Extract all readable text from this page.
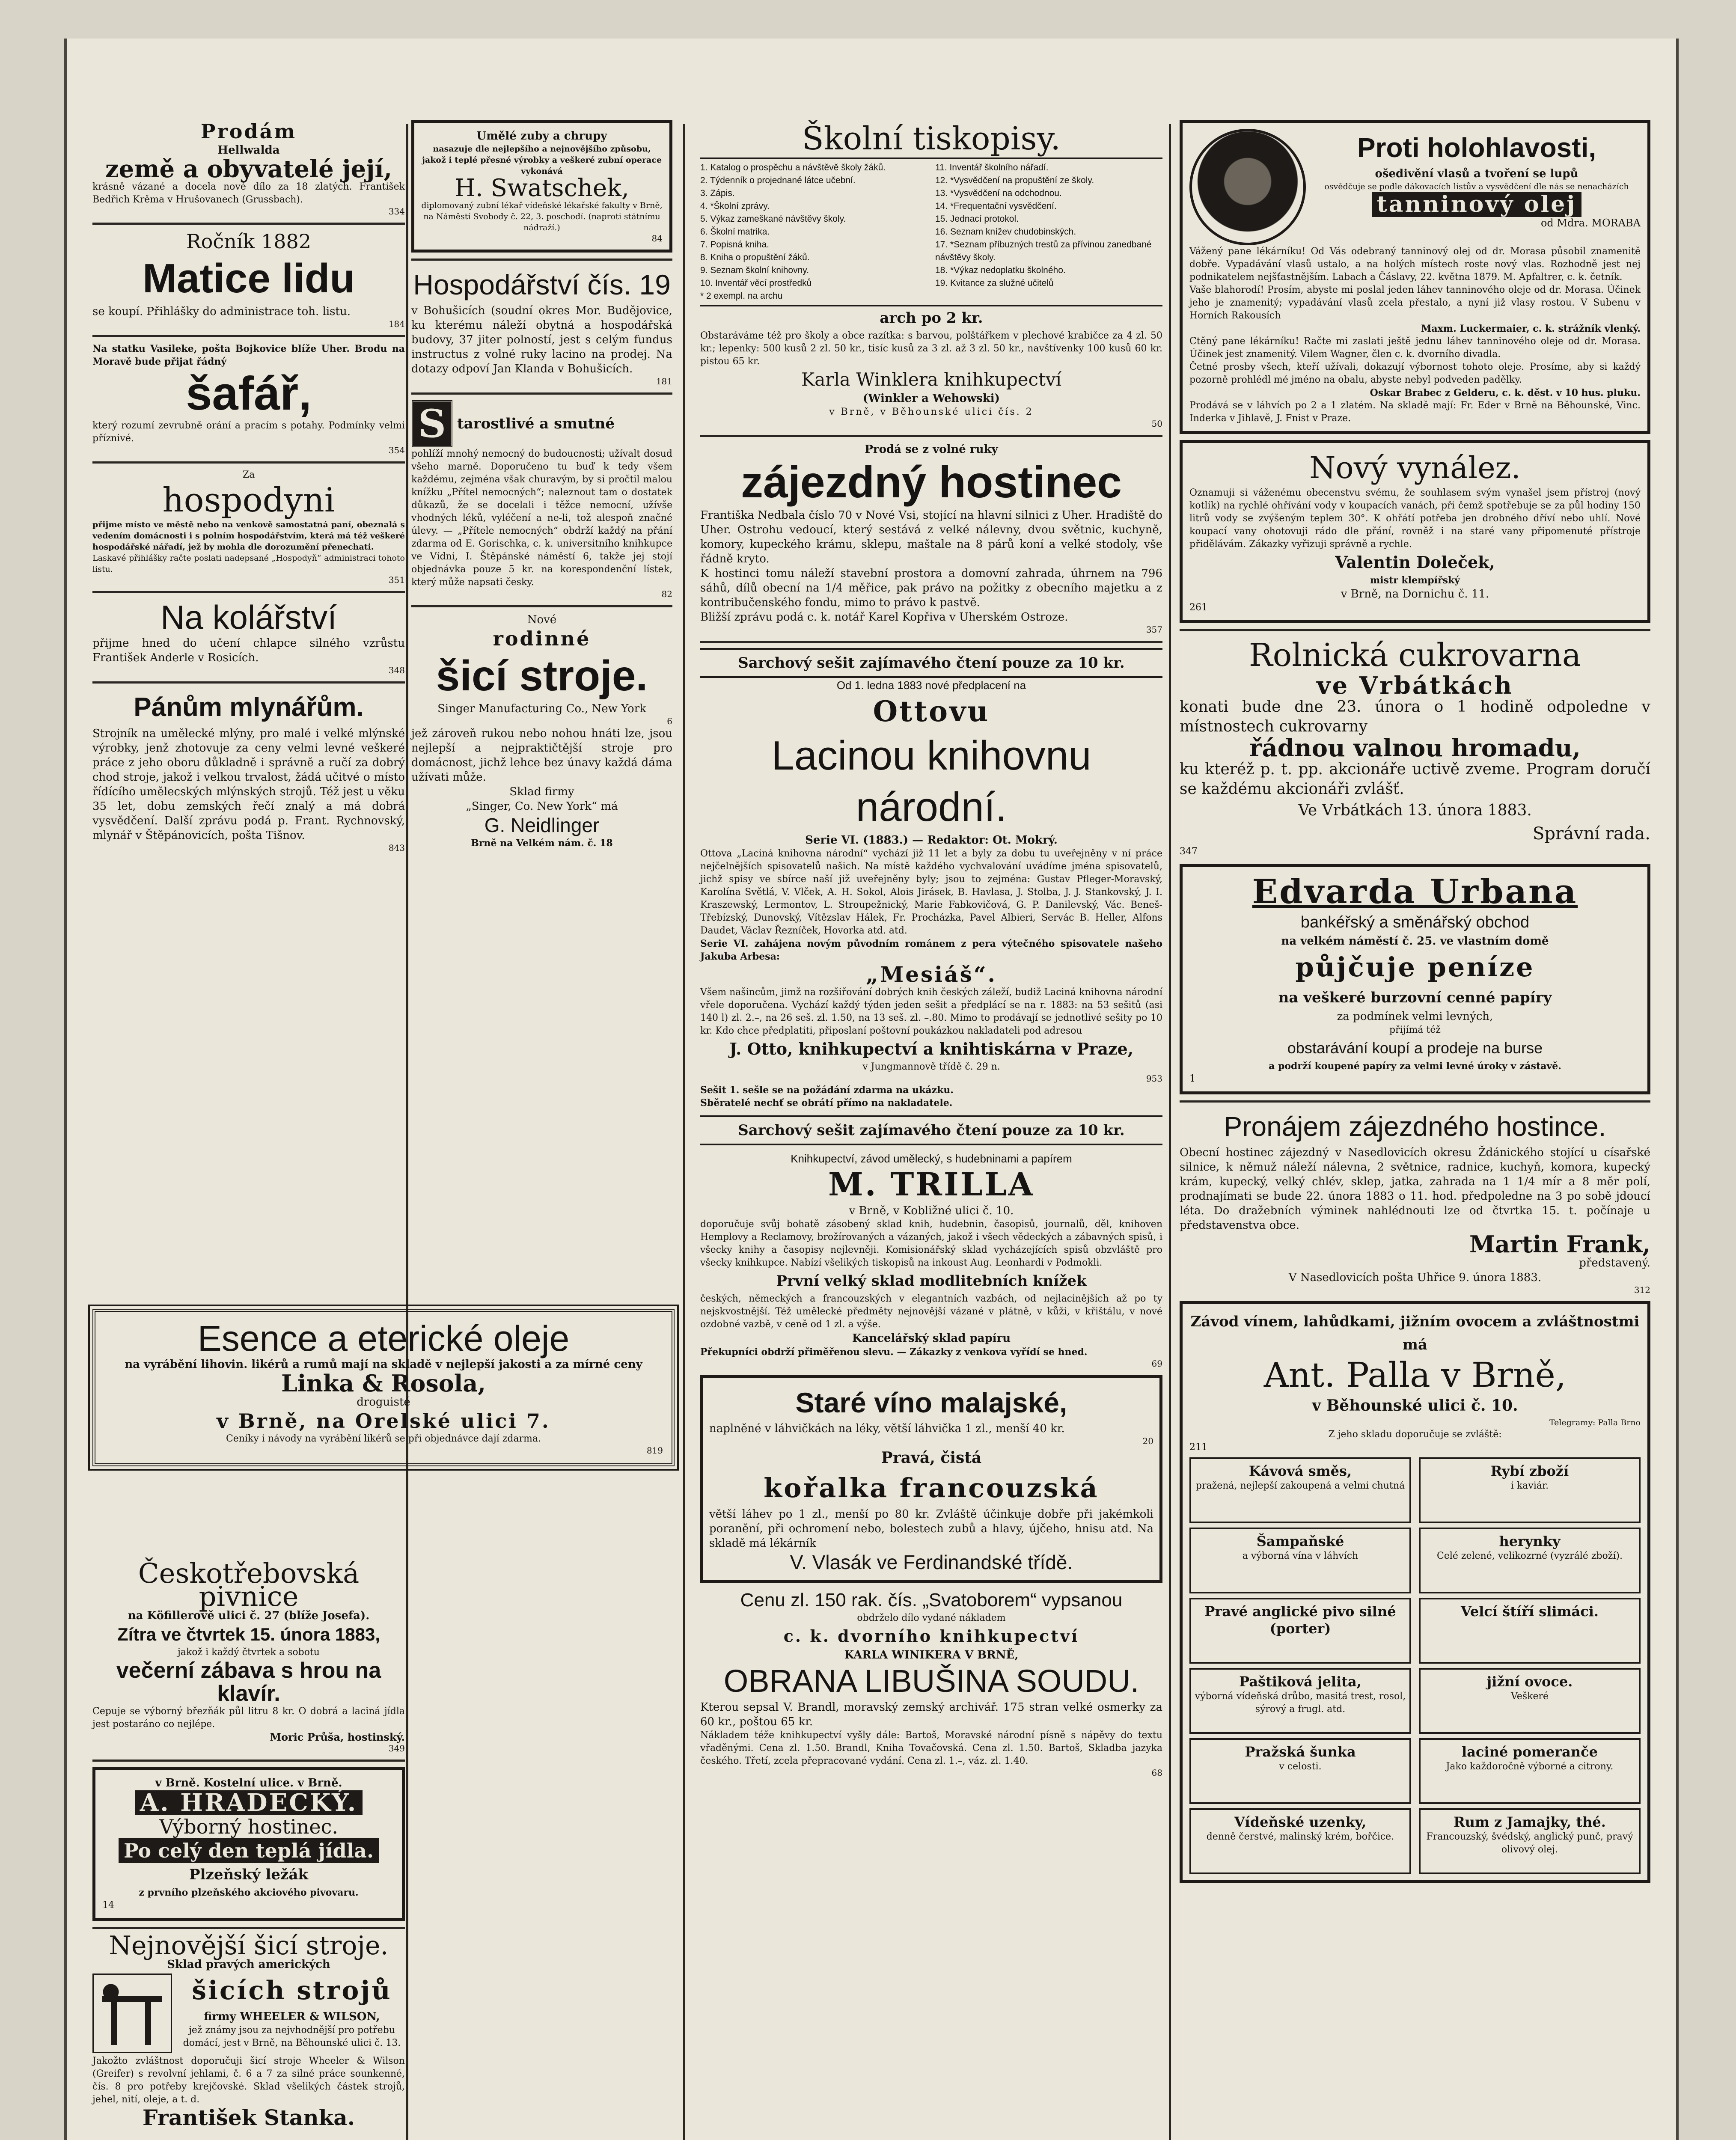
Prodám
Hellwalda
země a obyvatelé její,
krásně vázané a docela nové dílo za 18 zlatých. František Bedřich Krěma v Hrušovanech (Grussbach).
334
Ročník 1882
Matice lidu
se koupí. Přihlášky do administrace toh. listu.
184
Na statku Vasileke, pošta Bojkovice blíže Uher. Brodu na Moravě bude přijat řádný
šafář,
který rozumí zevrubně orání a pracím s potahy. Podmínky velmi příznivé.
354
Za
hospodyni
přijme místo ve městě nebo na venkově samostatná paní, obeznalá s vedením domácnosti i s polním hospodářstvím, která má též veškeré hospodářské nářadí, jež by mohla dle dorozumění přenechati.
Laskavé přihlášky račte poslati nadepsané „Hospodyň“ administraci tohoto listu.
351
Na kolářství
přijme hned do učení chlapce silného vzrůstu František Anderle v Rosicích.
348
Pánům mlynářům.
Strojník na umělecké mlýny, pro malé i velké mlýnské výrobky, jenž zhotovuje za ceny velmi levné veškeré práce z jeho oboru důkladně i správně a ručí za dobrý chod stroje, jakož i velkou trvalost, žádá učitvé o místo řídícího umělecských mlýnských strojů. Též jest u věku 35 let, dobu zemských řečí znalý a má dobrá vysvědčení. Další zprávu podá p. Frant. Rychnovský, mlynář v Štěpánovicích, pošta Tišnov.
843
Esence a eterické oleje
na vyrábění lihovin. likérů a rumů mají na skladě v nejlepší jakosti a za mírné ceny
Linka & Rosola,
droguisté
v Brně, na Orelské ulici 7.
Ceníky i návody na vyrábění likérů se při objednávce dají zdarma.
819
Českotřebovská pivnice
na Köfillerově ulici č. 27 (blíže Josefa).
Zítra ve čtvrtek 15. února 1883,
jakož i každý čtvrtek a sobotu
večerní zábava s hrou na klavír.
Cepuje se výborný březňák půl litru 8 kr. O dobrá a laciná jídla jest postaráno co nejlépe.
Moric Průša, hostinský.
349
v Brně. Kostelní ulice. v Brně.
A. HRADECKÝ.
Výborný hostinec.
Po celý den teplá jídla.
Plzeňský ležák
z prvního plzeňského akciového pivovaru.
14
Nejnovější šicí stroje.
Sklad pravých amerických
šicích strojů
firmy WHEELER & WILSON,
jež známy jsou za nejvhodnější pro potřebu domácí, jest v Brně, na Běhounské ulici č. 13.
Jakožto zvláštnost doporučuji šicí stroje Wheeler & Wilson (Greifer) s revolvní jehlami, č. 6 a 7 za silné práce sounkenné, čís. 8 pro potřeby krejčovské. Sklad všelikých částek strojů, jehel, nití, oleje, a t. d.
František Stanka.
Umělé zuby a chrupy
nasazuje dle nejlepšího a nejnovějšího způsobu, jakož i teplé přesné výrobky a veškeré zubní operace vykonává
H. Swatschek,
diplomovaný zubní lékař vídeňské lékařské fakulty v Brně, na Náměstí Svobody č. 22, 3. poschodí. (naproti státnímu nádraží.)
84
Hospodářství čís. 19
v Bohušicích (soudní okres Mor. Budějovice, ku kterému náleží obytná a hospodářská budovy, 37 jiter polností, jest s celým fundus instructus z volné ruky lacino na prodej. Na dotazy odpoví Jan Klanda v Bohušicích.
181
S tarostlivé a smutné
pohlíží mnohý nemocný do budoucnosti; užívalt dosud všeho marně. Doporučeno tu buď k tedy všem každému, zejména však churavým, by si pročtil malou knížku „Přítel nemocných“; naleznout tam o dostatek důkazů, že se docelali i těžce nemocní, užívše vhodných léků, vyléčení a ne-li, tož alespoň značné úlevy. — „Přítele nemocných“ obdrží každý na přání zdarma od E. Gorischka, c. k. universitního knihkupce ve Vídni, I. Štěpánské náměstí 6, takže jej stojí objednávka pouze 5 kr. na korespondenční lístek, který může napsati česky.
82
Nové
rodinné
šicí stroje.
Singer Manufacturing Co., New York
6
jež zároveň rukou nebo nohou hnáti lze, jsou nejlepší a nejpraktičtější stroje pro domácnost, jichž lehce bez únavy každá dáma užívati může.
Sklad firmy
„Singer, Co. New York“ má
G. Neidlinger
Brně na Velkém nám. č. 18
Školní tiskopisy.
1. Katalog o prospěchu a návštěvě školy žáků.
2. Týdenník o projednané látce učební.
3. Zápis.
4. *Školní zprávy.
5. Výkaz zameškané návštěvy školy.
6. Školní matrika.
7. Popisná kniha.
8. Kniha o propuštění žáků.
9. Seznam školní knihovny.
10. Inventář věcí prostředků
* 2 exempl. na archu
11. Inventář školního nářadí.
12. *Vysvědčení na propuštění ze školy.
13. *Vysvědčení na odchodnou.
14. *Frequentační vysvědčení.
15. Jednací protokol.
16. Seznam knížev chudobinských.
17. *Seznam příbuzných trestů za přívinou zanedbané návštěvy školy.
18. *Výkaz nedoplatku školného.
19. Kvitance za služné učitelů
arch po 2 kr.
Obstaráváme též pro školy a obce razítka: s barvou, polštářkem v plechové krabičce za 4 zl. 50 kr.; lepenky: 500 kusů 2 zl. 50 kr., tisíc kusů za 3 zl. až 3 zl. 50 kr., navštívenky 100 kusů 60 kr. pistou 65 kr.
Karla Winklera knihkupectví
(Winkler a Wehowski)
v Brně, v Běhounské ulici čís. 2
50
Prodá se z volné ruky
zájezdný hostinec
Františka Nedbala číslo 70 v Nové Vsi, stojící na hlavní silnici z Uher. Hradiště do Uher. Ostrohu vedoucí, který sestává z velké nálevny, dvou světnic, kuchyně, komory, kupeckého krámu, sklepu, maštale na 8 párů koní a velké stodoly, vše řádně kryto.
K hostinci tomu náleží stavební prostora a domovní zahrada, úhrnem na 796 sáhů, dílů obecní na 1/4 měřice, pak právo na požitky z obecního majetku a z kontribučenského fondu, mimo to právo k pastvě.
Bližší zprávu podá c. k. notář Karel Kopřiva v Uherském Ostroze.
357
Sarchový sešit zajímavého čtení pouze za 10 kr.
Od 1. ledna 1883 nové předplacení na
Ottovu
Lacinou knihovnu národní.
Serie VI. (1883.) — Redaktor: Ot. Mokrý.
Ottova „Laciná knihovna národní“ vychází již 11 let a byly za dobu tu uveřejněny v ní práce nejčelnějších spisovatelů našich. Na místě každého vychvalování uvádíme jména spisovatelů, jichž spisy ve sbírce naší již uveřejněny byly; jsou to zejména: Gustav Pfleger-Moravský, Karolína Světlá, V. Vlček, A. H. Sokol, Alois Jirásek, B. Havlasa, J. Stolba, J. J. Stankovský, J. I. Kraszewský, Lermontov, L. Stroupežnický, Marie Fabkovičová, G. P. Danilevský, Vác. Beneš-Třebízský, Dunovský, Vítězslav Hálek, Fr. Procházka, Pavel Albieri, Servác B. Heller, Alfons Daudet, Václav Řezníček, Hovorka atd. atd.
Serie VI. zahájena novým původním románem z pera výtečného spisovatele našeho Jakuba Arbesa:
„Mesiáš“.
Všem našincům, jimž na rozšiřování dobrých knih českých záleží, budiž Laciná knihovna národní vřele doporučena. Vychází každý týden jeden sešit a předplácí se na r. 1883: na 53 sešitů (asi 140 l) zl. 2.–, na 26 seš. zl. 1.50, na 13 seš. zl. –.80. Mimo to prodávají se jednotlivé sešity po 10 kr. Kdo chce předplatiti, připoslaní poštovní poukázkou nakladateli pod adresou
J. Otto, knihkupectví a knihtiskárna v Praze,
v Jungmannově třídě č. 29 n.
953
Sešit 1. sešle se na požádání zdarma na ukázku.
Sběratelé nechť se obrátí přímo na nakladatele.
Sarchový sešit zajímavého čtení pouze za 10 kr.
Knihkupectví, závod umělecký, s hudebninami a papírem
M. TRILLA
v Brně, v Kobližné ulici č. 10.
doporučuje svůj bohatě zásobený sklad knih, hudebnin, časopisů, journalů, děl, knihoven Hemplovy a Reclamovy, brožírovaných a vázaných, jakož i všech vědeckých a zábavných spisů, i všecky knihy a časopisy nejlevněji. Komisionářský sklad vycházejících spisů obzvláště pro všecky knihkupce. Nabízí všelikých tiskopisů na inkoust Aug. Leonhardi v Podmokli.
První velký sklad modlitebních knížek
českých, německých a francouzských v elegantních vazbách, od nejlacinějších až po ty nejskvostnější. Též umělecké předměty nejnovější vázané v plátně, v kůži, v křištálu, v nové ozdobné vazbě, v ceně od 1 zl. a výše.
Kancelářský sklad papíru
Překupníci obdrží přiměřenou slevu. — Zákazky z venkova vyřídí se hned.
69
Staré víno malajské,
naplněné v láhvičkách na léky, větší láhvička 1 zl., menší 40 kr.
20
Pravá, čistá
kořalka francouzská
větší láhev po 1 zl., menší po 80 kr. Zvláště účinkuje dobře při jakémkoli poranění, při ochromení nebo, bolestech zubů a hlavy, újčeho, hnisu atd. Na skladě má lékárník
V. Vlasák ve Ferdinandské třídě.
Cenu zl. 150 rak. čís. „Svatoborem“ vypsanou
obdrželo dílo vydané nákladem
c. k. dvorního knihkupectví
KARLA WINIKERA V BRNĚ,
OBRANA LIBUŠINA SOUDU.
Kterou sepsal V. Brandl, moravský zemský archivář. 175 stran velké osmerky za 60 kr., poštou 65 kr.
Nákladem téže knihkupectví vyšly dále: Bartoš, Moravské národní písně s nápěvy do textu vřaděnými. Cena zl. 1.50. Brandl, Kniha Tovačovská. Cena zl. 1.50. Bartoš, Skladba jazyka českého. Třetí, zcela přepracované vydání. Cena zl. 1.–, váz. zl. 1.40.
68
Proti holohlavosti,
ošedivění vlasů a tvoření se lupů
osvědčuje se podle dákovacích listův a vysvědčení dle nás se nenacházích
tanninový olej
od Mdra. MORABA
Vážený pane lékárníku! Od Vás odebraný tanninový olej od dr. Morasa působil znamenitě dobře. Vypadávání vlasů ustalo, a na holých místech roste nový vlas. Rozhodně jest nej podnikatelem nejšťastnějším. Labach a Čáslavy, 22. května 1879. M. Apfaltrer, c. k. četník.
Vaše blahorodí! Prosím, abyste mi poslal jeden láhev tanninového oleje od dr. Morasa. Účinek jeho je znamenitý; vypadávání vlasů zcela přestalo, a nyní již vlasy rostou. V Subenu v Horních Rakousích
Maxm. Luckermaier, c. k. strážník vlenký.
Ctěný pane lékárníku! Račte mi zaslati ještě jednu láhev tanninového oleje od dr. Morasa. Účinek jest znamenitý. Vilem Wagner, člen c. k. dvorního divadla.
Četné prosby všech, kteří užívali, dokazují výbornost tohoto oleje. Prosíme, aby si každý pozorně prohlédl mé jméno na obalu, abyste nebyl podveden padělky.
Oskar Brabec z Gelderu, c. k. děst. v 10 hus. pluku.
Prodává se v láhvích po 2 a 1 zlatém. Na skladě mají: Fr. Eder v Brně na Běhounské, Vinc. Inderka v Jihlavě, J. Fnist v Praze.
Nový vynález.
Oznamuji si váženému obecenstvu svému, že souhlasem svým vynašel jsem přístroj (nový kotlík) na rychlé ohřívání vody v koupacích vanách, při čemž spotřebuje se za půl hodiny 150 litrů vody se zvýšeným teplem 30°. K ohřátí potřeba jen drobného dříví nebo uhlí. Nové koupací vany ohotovuji rádo dle přání, rovněž i na staré vany připomenuté přístroje přidělávám. Zákazky vyřizuji správně a rychle.
Valentin Doleček,
mistr klempířský
v Brně, na Dornichu č. 11.
261
Rolnická cukrovarna
ve Vrbátkách
konati bude dne 23. února o 1 hodině odpoledne v místnostech cukrovarny
řádnou valnou hromadu,
ku kteréž p. t. pp. akcionáře uctivě zveme. Program doručí se každému akcionáři zvlášť.
Ve Vrbátkách 13. února 1883.
Správní rada.
347
Edvarda Urbana
bankéřský a směnářský obchod
na velkém náměstí č. 25. ve vlastním domě
půjčuje peníze
na veškeré burzovní cenné papíry
za podmínek velmi levných,
přijímá též
obstarávání koupí a prodeje na burse
a podrží koupené papíry za velmi levné úroky v zástavě.
1
Pronájem zájezdného hostince.
Obecní hostinec zájezdný v Nasedlovicích okresu Ždánického stojící u císařské silnice, k němuž náleží nálevna, 2 světnice, radnice, kuchyň, komora, kupecký krám, kupecký, velký chlév, sklep, jatka, zahrada na 1 1/4 mír a 8 měr polí, prodnajímati se bude 22. února 1883 o 11. hod. předpoledne na 3 po sobě jdoucí léta. Do dražebních výminek nahlédnouti lze od čtvrtka 15. t. počínaje u představenstva obce.
Martin Frank,
představený.
V Nasedlovicích pošta Uhřice 9. února 1883.
312
Závod vínem, lahůdkami, jižním ovocem a zvláštnostmi má
Ant. Palla v Brně,
v Běhounské ulici č. 10.
Telegramy: Palla Brno
Z jeho skladu doporučuje se zvláště:
211
Kávová směs,
pražená, nejlepší zakoupená a velmi chutná
Rybí zboží
i kaviár.
Šampaňské
a výborná vína v láhvích
herynky
Celé zelené, velikozrné (vyzrálé zboží).
Pravé anglické pivo silné (porter)
Velcí štíří slimáci.
Paštiková jelita,
výborná vídeňská drůbo, masitá trest, rosol, sýrový a frugl. atd.
jižní ovoce.
Veškeré
Pražská šunka
v celosti.
laciné pomeranče
Jako každoročně výborné a citrony.
Vídeňské uzenky,
denně čerstvé, malinský krém, bořčice.
Rum z Jamajky, thé.
Francouzský, švédský, anglický punč, pravý olivový olej.
